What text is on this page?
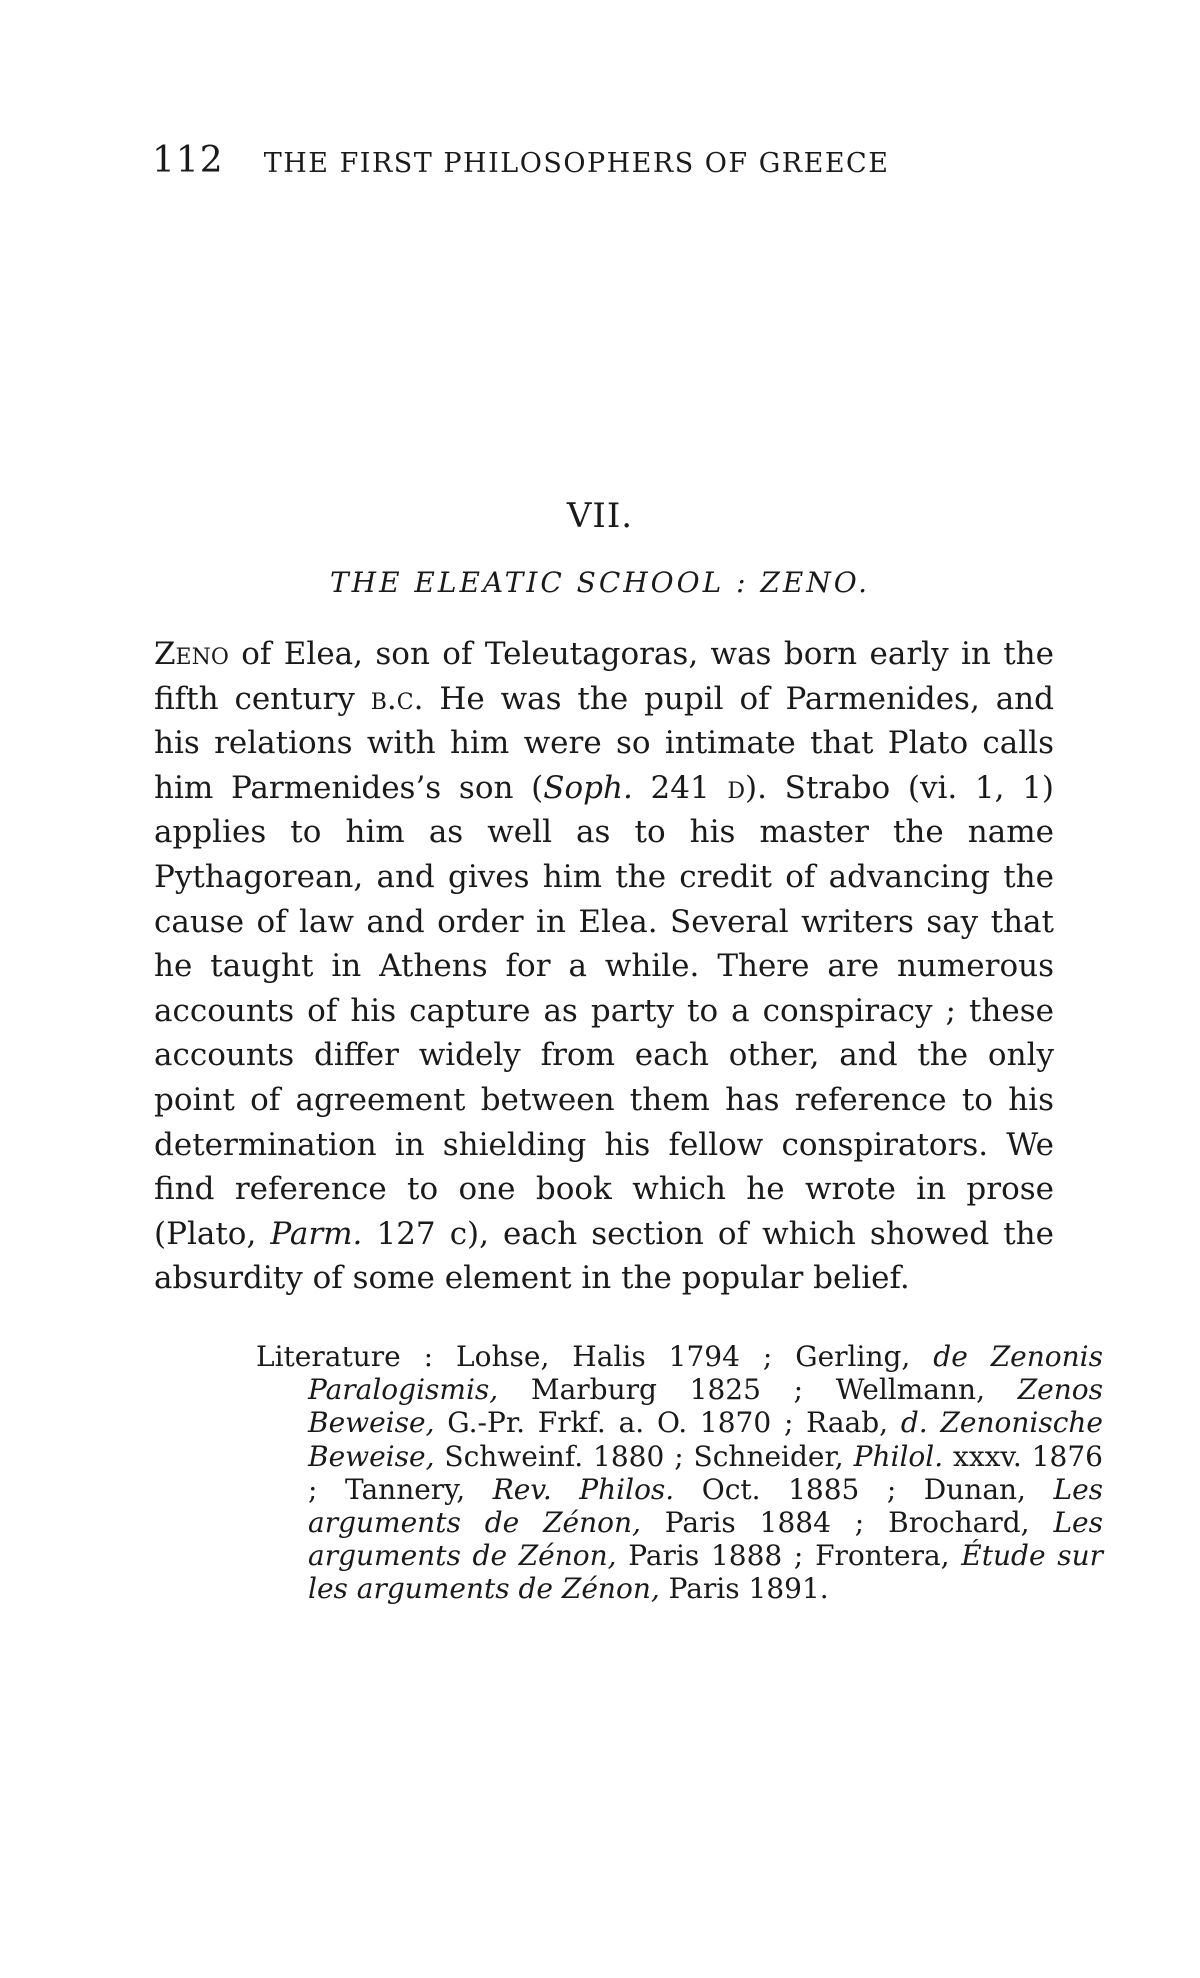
112 THE FIRST PHILOSOPHERS OF GREECE
VII.
THE ELEATIC SCHOOL : ZENO.

Zeno of Elea, son of Teleutagoras, was born early in the fifth century b.c. He was the pupil of Parmenides, and his relations with him were so intimate that Plato calls him Parmenides’s son (Soph. 241 d). Strabo (vi. 1, 1) applies to him as well as to his master the name Pythagorean, and gives him the credit of advancing the cause of law and order in Elea. Several writers say that he taught in Athens for a while. There are numerous accounts of his capture as party to a conspiracy ; these accounts differ widely from each other, and the only point of agreement between them has reference to his determination in shielding his fellow conspirators. We find reference to one book which he wrote in prose (Plato, Parm. 127 c), each section of which showed the absurdity of some element in the popular belief.

Literature : Lohse, Halis 1794 ; Gerling, de Zenonis Paralogismis, Marburg 1825 ; Wellmann, Zenos Beweise, G.-Pr. Frkf. a. O. 1870 ; Raab, d. Zenonische Beweise, Schweinf. 1880 ; Schneider, Philol. xxxv. 1876 ; Tannery, Rev. Philos. Oct. 1885 ; Dunan, Les arguments de Zénon, Paris 1884 ; Brochard, Les arguments de Zénon, Paris 1888 ; Frontera, Étude sur les arguments de Zénon, Paris 1891.
